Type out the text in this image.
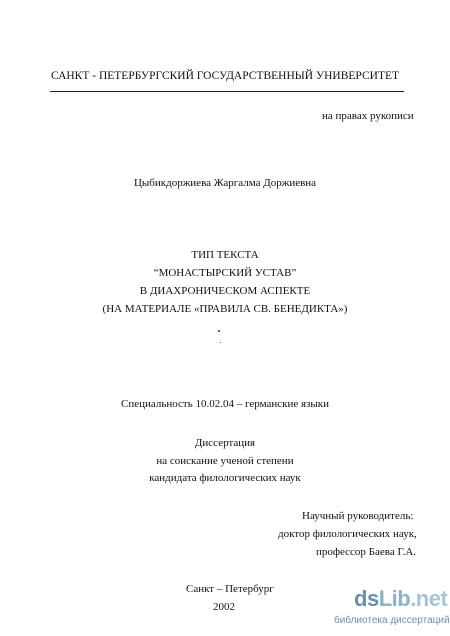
САНКТ - ПЕТЕРБУРГСКИЙ ГОСУДАРСТВЕННЫЙ УНИВЕРСИТЕТ
на правах рукописи
Цыбикдоржиева Жаргалма Доржиевна
ТИП ТЕКСТА
“МОНАСТЫРСКИЙ УСТАВ”
В ДИАХРОНИЧЕСКОМ АСПЕКТЕ
(НА МАТЕРИАЛЕ «ПРАВИЛА СВ. БЕНЕДИКТА»)
Специальность 10.02.04 – германские языки
Диссертация
на соискание ученой степени
кандидата филологических наук
Научный руководитель:
доктор филологических наук,
профессор Баева Г.А.
Санкт – Петербург
2002	dsLib.net
библиотека диссертаций
